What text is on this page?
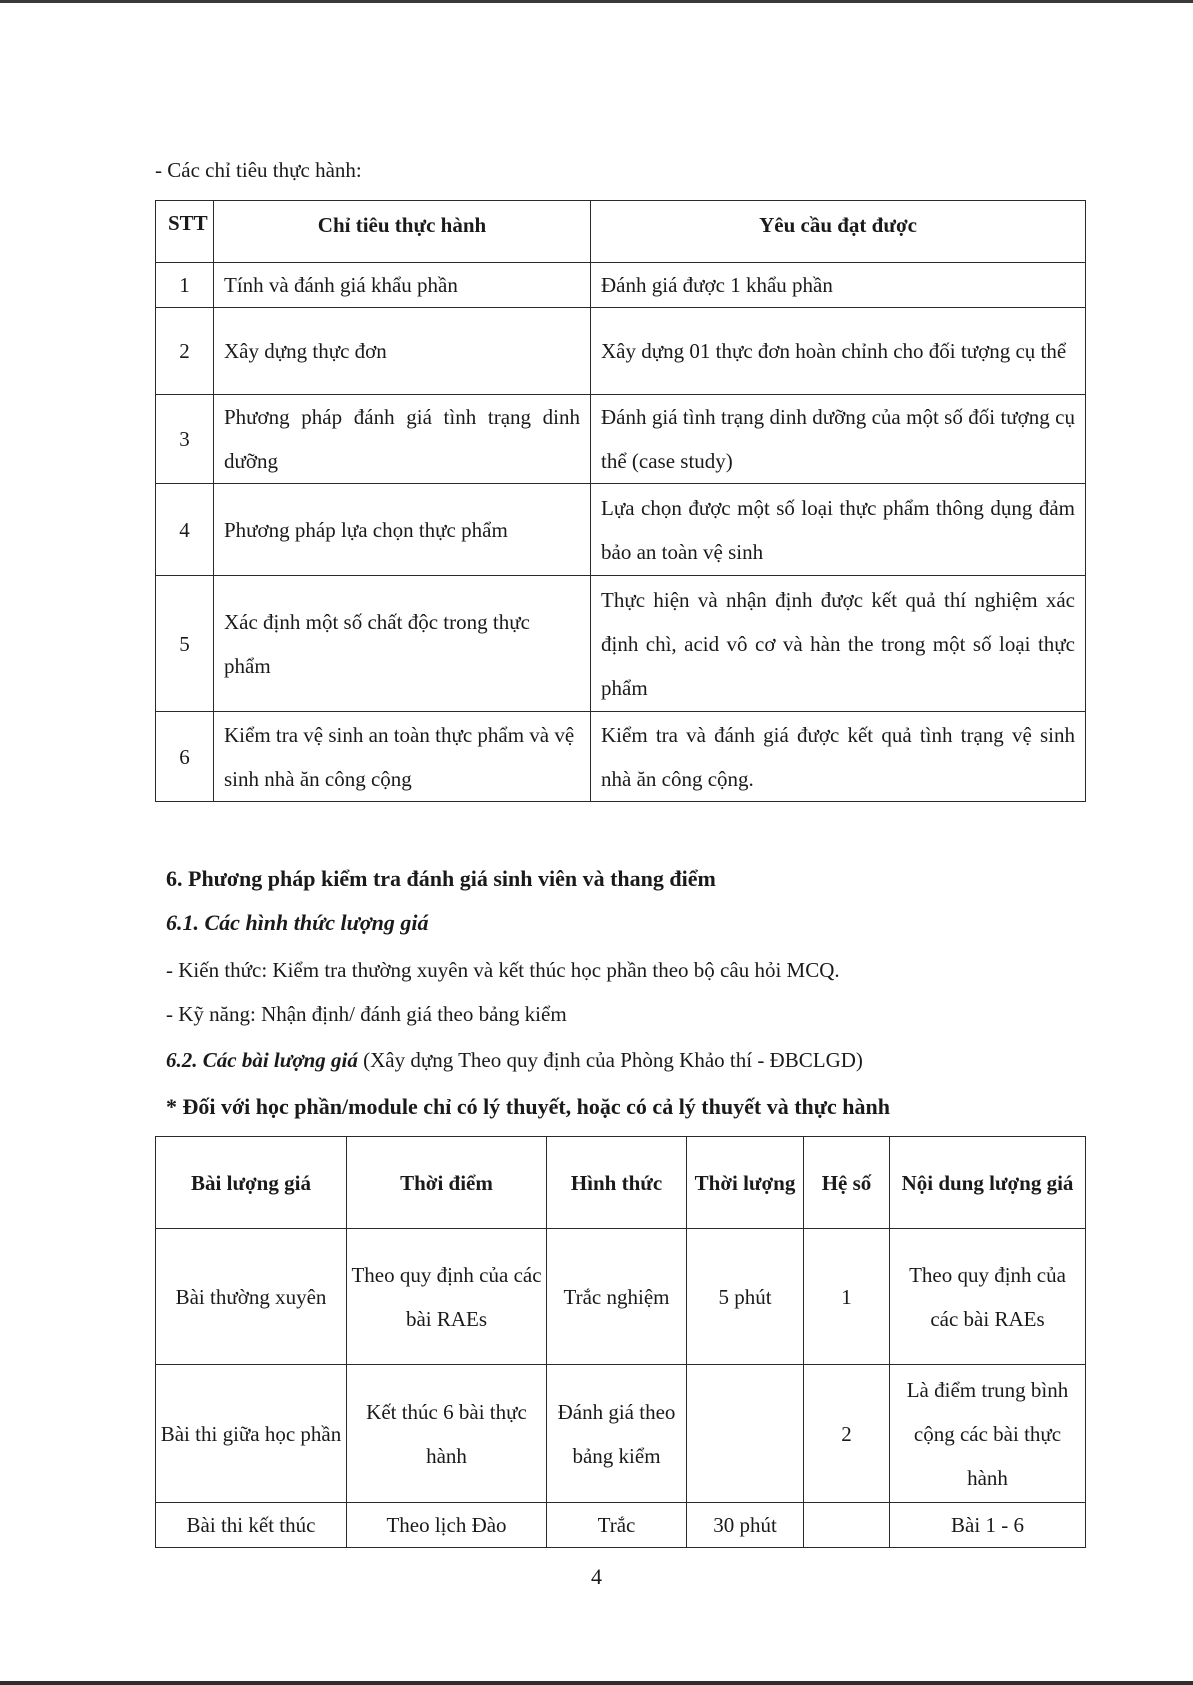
- Các chỉ tiêu thực hành:
STT	Chỉ tiêu thực hành	Yêu cầu đạt được
1	Tính và đánh giá khẩu phần	Đánh giá được 1 khẩu phần
2	Xây dựng thực đơn	Xây dựng 01 thực đơn hoàn chỉnh cho đối tượng cụ thể
3	Phương pháp đánh giá tình trạng dinh dưỡng	Đánh giá tình trạng dinh dưỡng của một số đối tượng cụ thể (case study)
4	Phương pháp lựa chọn thực phẩm	Lựa chọn được một số loại thực phẩm thông dụng đảm bảo an toàn vệ sinh
5	Xác định một số chất độc trong thực phẩm	Thực hiện và nhận định được kết quả thí nghiệm xác định chì, acid vô cơ và hàn the trong một số loại thực phẩm
6	Kiểm tra vệ sinh an toàn thực phẩm và vệ sinh nhà ăn công cộng	Kiểm tra và đánh giá được kết quả tình trạng vệ sinh nhà ăn công cộng.
6. Phương pháp kiểm tra đánh giá sinh viên và thang điểm
6.1. Các hình thức lượng giá
- Kiến thức: Kiểm tra thường xuyên và kết thúc học phần theo bộ câu hỏi MCQ.
- Kỹ năng: Nhận định/ đánh giá theo bảng kiểm
6.2. Các bài lượng giá (Xây dựng Theo quy định của Phòng Khảo thí - ĐBCLGD)
* Đối với học phần/module chỉ có lý thuyết, hoặc có cả lý thuyết và thực hành
Bài lượng giá	Thời điểm	Hình thức	Thời lượng	Hệ số	Nội dung lượng giá
Bài thường xuyên	Theo quy định của các bài RAEs	Trắc nghiệm	5 phút	1	Theo quy định của các bài RAEs
Bài thi giữa học phần	Kết thúc 6 bài thực hành	Đánh giá theo bảng kiểm		2	Là điểm trung bình cộng các bài thực hành
Bài thi kết thúc	Theo lịch Đào	Trắc	30 phút		Bài 1 - 6
4
